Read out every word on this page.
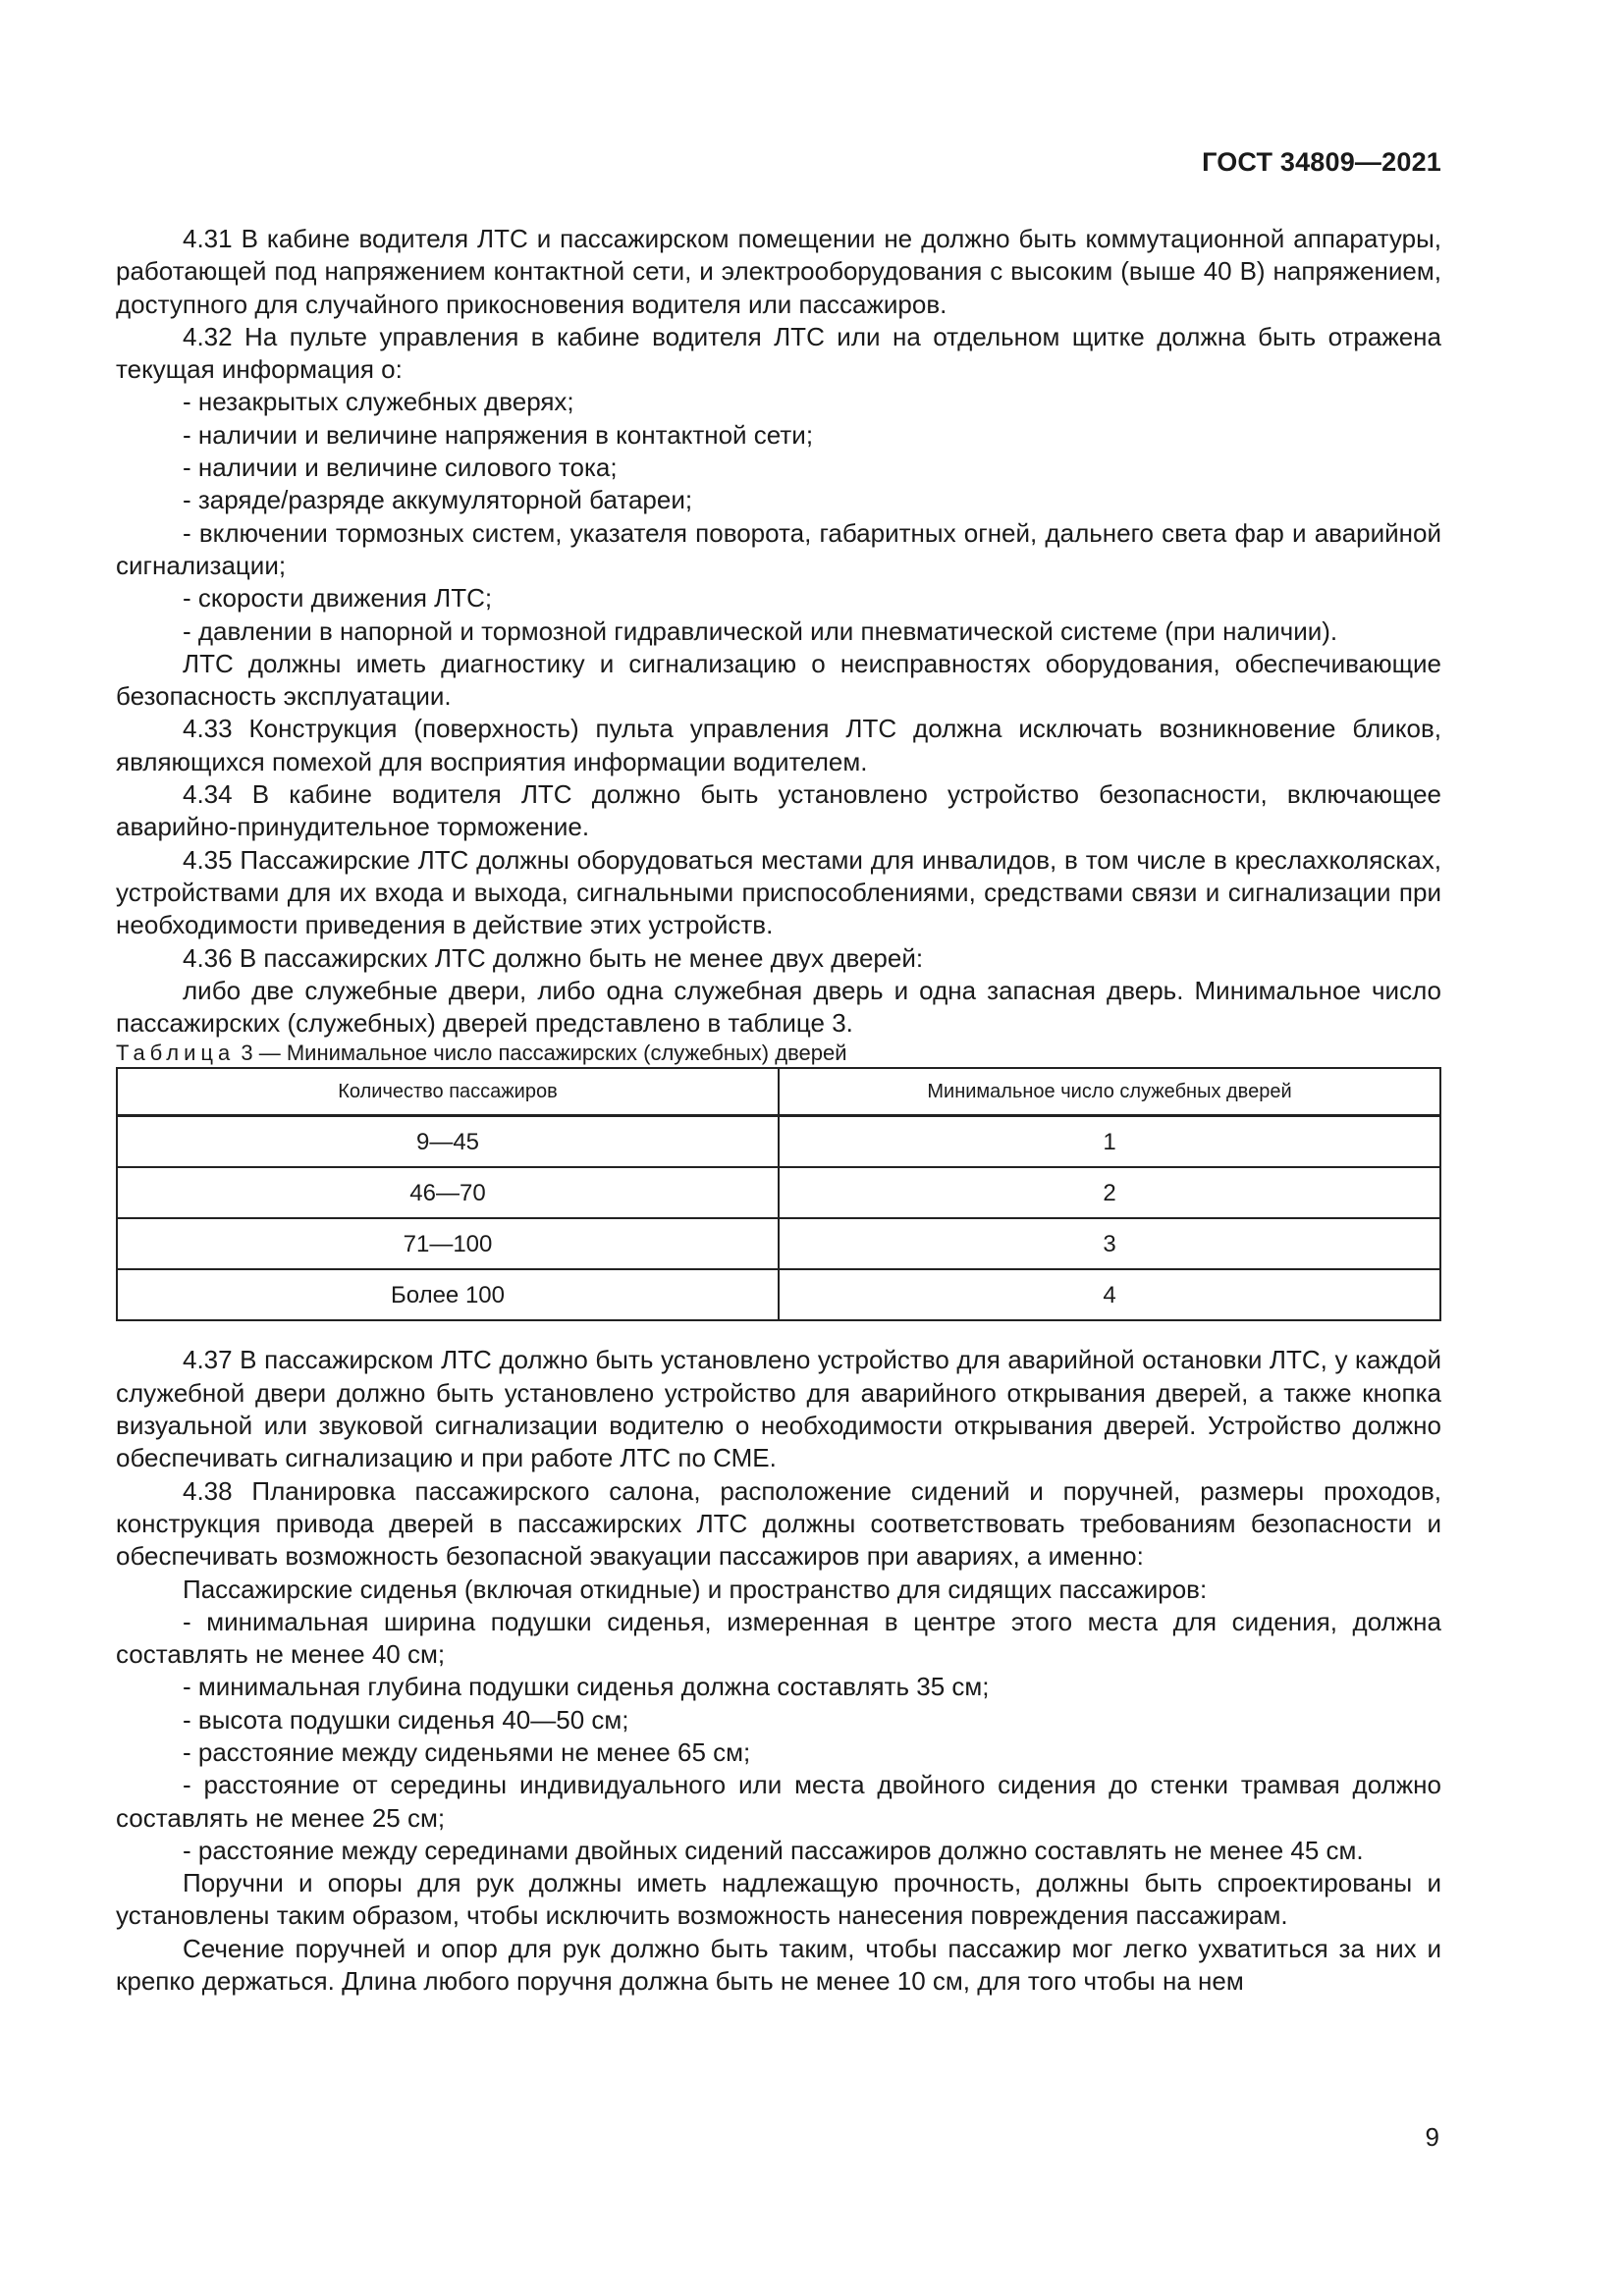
ГОСТ 34809—2021

4.31 В кабине водителя ЛТС и пассажирском помещении не должно быть коммутационной аппаратуры, работающей под напряжением контактной сети, и электрооборудования с высоким (выше 40 В) напряжением, доступного для случайного прикосновения водителя или пассажиров.

4.32 На пульте управления в кабине водителя ЛТС или на отдельном щитке должна быть отражена текущая информация о:

- незакрытых служебных дверях;

- наличии и величине напряжения в контактной сети;

- наличии и величине силового тока;

- заряде/разряде аккумуляторной батареи;

- включении тормозных систем, указателя поворота, габаритных огней, дальнего света фар и аварийной сигнализации;

- скорости движения ЛТС;

- давлении в напорной и тормозной гидравлической или пневматической системе (при наличии).

ЛТС должны иметь диагностику и сигнализацию о неисправностях оборудования, обеспечивающие безопасность эксплуатации.

4.33 Конструкция (поверхность) пульта управления ЛТС должна исключать возникновение бликов, являющихся помехой для восприятия информации водителем.

4.34 В кабине водителя ЛТС должно быть установлено устройство безопасности, включающее аварийно-принудительное торможение.

4.35 Пассажирские ЛТС должны оборудоваться местами для инвалидов, в том числе в креслахколясках, устройствами для их входа и выхода, сигнальными приспособлениями, средствами связи и сигнализации при необходимости приведения в действие этих устройств.

4.36 В пассажирских ЛТС должно быть не менее двух дверей:

либо две служебные двери, либо одна служебная дверь и одна запасная дверь. Минимальное число пассажирских (служебных) дверей представлено в таблице 3.

Таблица 3 — Минимальное число пассажирских (служебных) дверей

Количество пассажиров	Минимальное число служебных дверей
9—45	1
46—70	2
71—100	3
Более 100	4

4.37 В пассажирском ЛТС должно быть установлено устройство для аварийной остановки ЛТС, у каждой служебной двери должно быть установлено устройство для аварийного открывания дверей, а также кнопка визуальной или звуковой сигнализации водителю о необходимости открывания дверей. Устройство должно обеспечивать сигнализацию и при работе ЛТС по СМЕ.

4.38 Планировка пассажирского салона, расположение сидений и поручней, размеры проходов, конструкция привода дверей в пассажирских ЛТС должны соответствовать требованиям безопасности и обеспечивать возможность безопасной эвакуации пассажиров при авариях, а именно:

Пассажирские сиденья (включая откидные) и пространство для сидящих пассажиров:

- минимальная ширина подушки сиденья, измеренная в центре этого места для сидения, должна составлять не менее 40 см;

- минимальная глубина подушки сиденья должна составлять 35 см;

- высота подушки сиденья 40—50 см;

- расстояние между сиденьями не менее 65 см;

- расстояние от середины индивидуального или места двойного сидения до стенки трамвая должно составлять не менее 25 см;

- расстояние между серединами двойных сидений пассажиров должно составлять не менее 45 см.

Поручни и опоры для рук должны иметь надлежащую прочность, должны быть спроектированы и установлены таким образом, чтобы исключить возможность нанесения повреждения пассажирам.

Сечение поручней и опор для рук должно быть таким, чтобы пассажир мог легко ухватиться за них и крепко держаться. Длина любого поручня должна быть не менее 10 см, для того чтобы на нем

9
